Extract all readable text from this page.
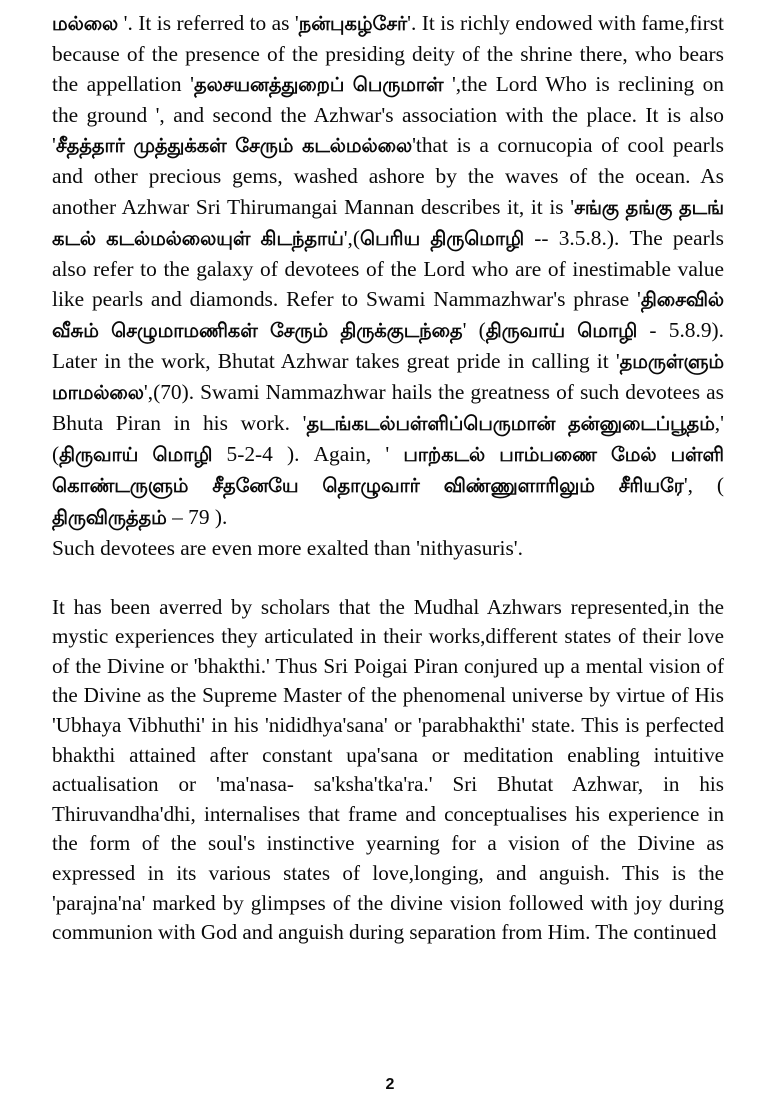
மல்லை '. It is referred to as 'நன்புகழ்சேர்'. It is richly endowed with fame,first because of the presence of the presiding deity of the shrine there, who bears the appellation 'தலசயனத்துறைப் பெருமாள் ',the Lord Who is reclining on the ground ', and second the Azhwar's association with the place. It is also 'சீதத்தார் முத்துக்கள் சேரும் கடல்மல்லை'that is a cornucopia of cool pearls and other precious gems, washed ashore by the waves of the ocean. As another Azhwar Sri Thirumangai Mannan describes it, it is 'சங்கு தங்கு தடங் கடல் கடல்மல்லையுள் கிடந்தாய்',(பெரிய திருமொழி -- 3.5.8.). The pearls also refer to the galaxy of devotees of the Lord who are of inestimable value like pearls and diamonds. Refer to Swami Nammazhwar's phrase 'திசைவில் வீசும் செழுமாமணிகள் சேரும் திருக்குடந்தை' (திருவாய் மொழி - 5.8.9). Later in the work, Bhutat Azhwar takes great pride in calling it 'தமருள்ளும் மாமல்லை',(70). Swami Nammazhwar hails the greatness of such devotees as Bhuta Piran in his work. 'தடங்கடல்பள்ளிப்பெருமான் தன்னுடைப்பூதம்,' (திருவாய் மொழி 5-2-4 ). Again, ' பாற்கடல் பாம்பணை மேல் பள்ளி கொண்டருளும் சீதனேயே தொழுவார் விண்ணுளாரிலும் சீரியரே', ( திருவிருத்தம் – 79 ).
Such devotees are even more exalted than 'nithyasuris'.

It has been averred by scholars that the Mudhal Azhwars represented,in the mystic experiences they articulated in their works,different states of their love of the Divine or 'bhakthi.' Thus Sri Poigai Piran conjured up a mental vision of the Divine as the Supreme Master of the phenomenal universe by virtue of His 'Ubhaya Vibhuthi' in his 'nididhya'sana' or 'parabhakthi' state. This is perfected bhakthi attained after constant upa'sana or meditation enabling intuitive actualisation or 'ma'nasa- sa'ksha'tka'ra.' Sri Bhutat Azhwar, in his Thiruvandha'dhi, internalises that frame and conceptualises his experience in the form of the soul's instinctive yearning for a vision of the Divine as expressed in its various states of love,longing, and anguish. This is the 'parajna'na' marked by glimpses of the divine vision followed with joy during communion with God and anguish during separation from Him. The continued

2
